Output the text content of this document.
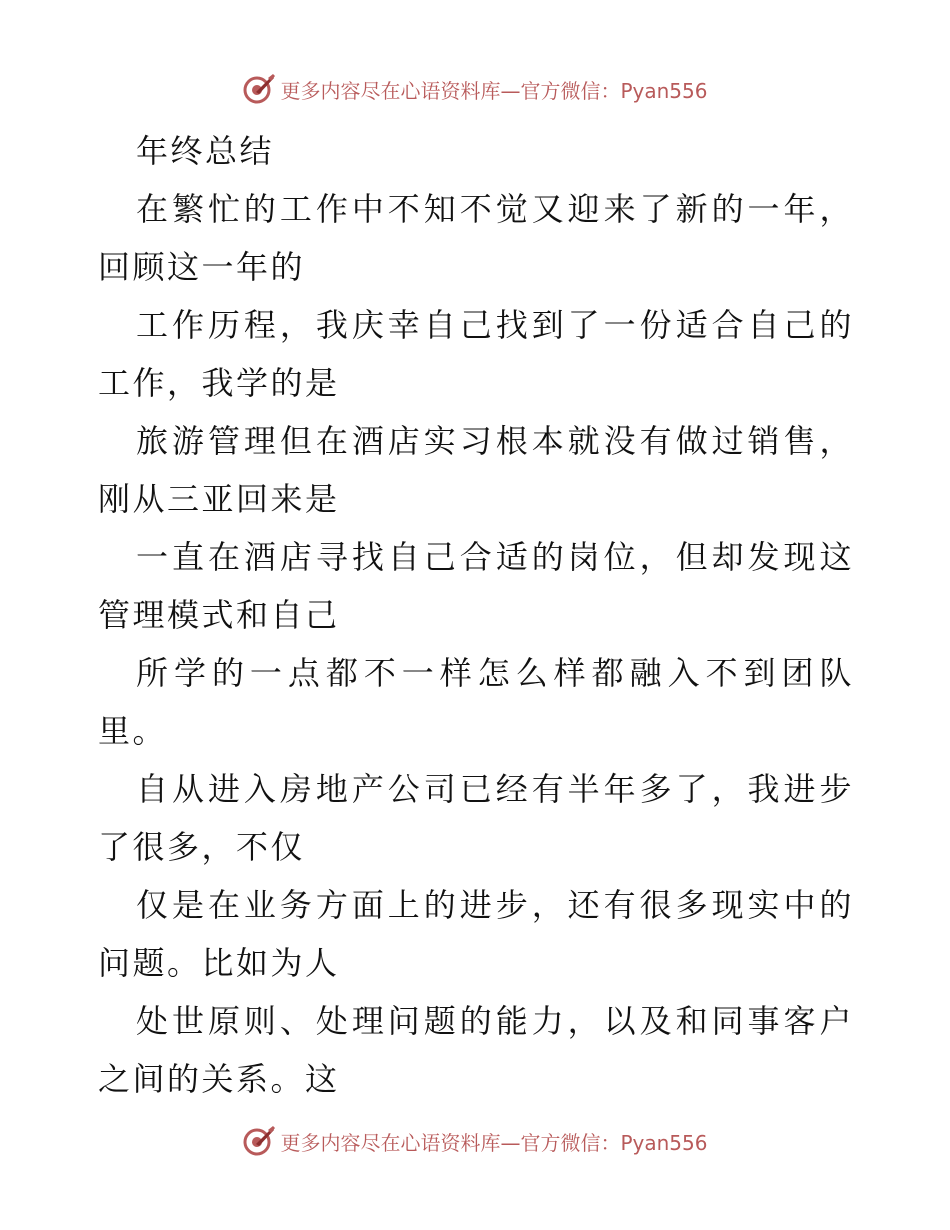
更多内容尽在心语资料库—官方微信：Pyan556

年终总结

在繁忙的工作中不知不觉又迎来了新的一年，回顾这一年的

工作历程，我庆幸自己找到了一份适合自己的工作，我学的是

旅游管理但在酒店实习根本就没有做过销售，刚从三亚回来是

一直在酒店寻找自己合适的岗位，但却发现这管理模式和自己

所学的一点都不一样怎么样都融入不到团队里。

自从进入房地产公司已经有半年多了，我进步了很多，不仅

仅是在业务方面上的进步，还有很多现实中的问题。比如为人

处世原则、处理问题的能力，以及和同事客户之间的关系。这

更多内容尽在心语资料库—官方微信：Pyan556
